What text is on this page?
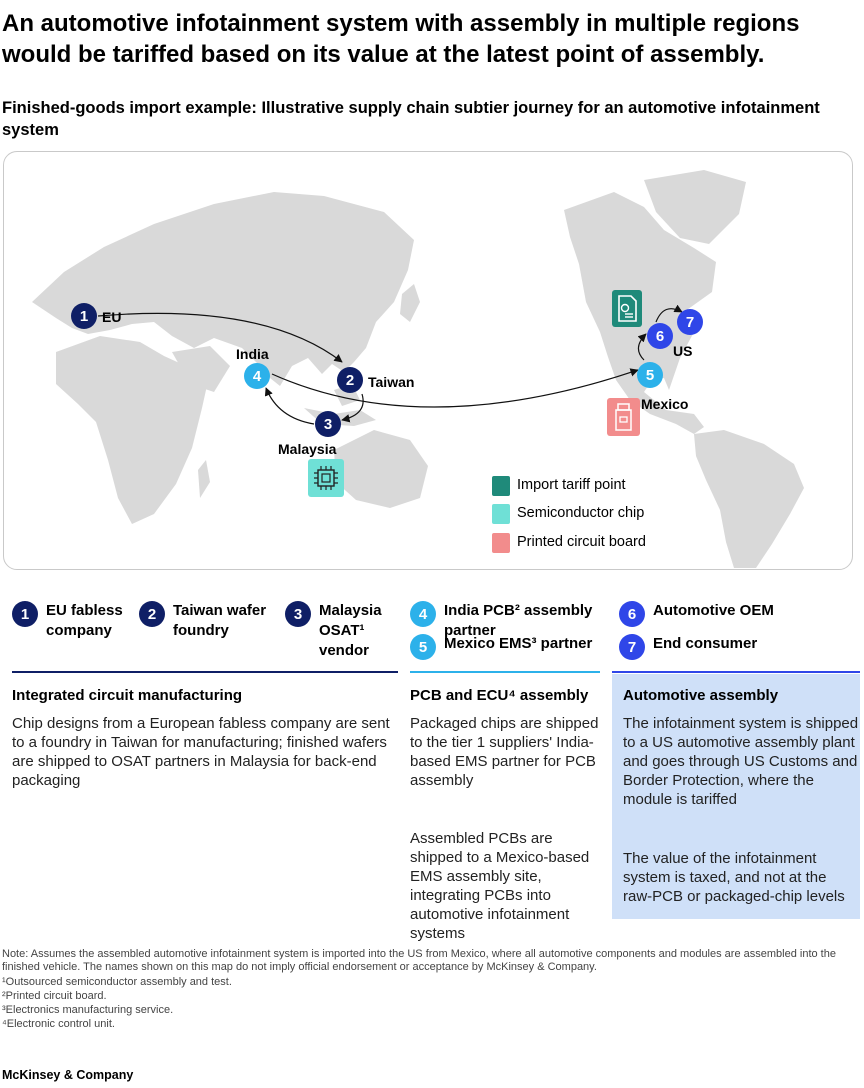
An automotive infotainment system with assembly in multiple regions would be tariffed based on its value at the latest point of assembly.
Finished-goods import example: Illustrative supply chain subtier journey for an automotive infotainment system
1 EU
2 Taiwan
3
Malaysia
4
India
5
Mexico
6
US
7
Import tariff point
Semiconductor chip
Printed circuit board
1	EU fabless company
2	Taiwan wafer foundry
3	Malaysia OSAT¹ vendor
Integrated circuit manufacturing
Chip designs from a European fabless company are sent to a foundry in Taiwan for manufacturing; finished wafers are shipped to OSAT partners in Malaysia for back-end packaging
4	India PCB² assembly partner
5	Mexico EMS³ partner
PCB and ECU⁴ assembly
Packaged chips are shipped to the tier 1 suppliers' India-based EMS partner for PCB assembly
Assembled PCBs are shipped to a Mexico-based EMS assembly site, integrating PCBs into automotive infotainment systems
6	Automotive OEM
7	End consumer
Automotive assembly
The infotainment system is shipped to a US automotive assembly plant and goes through US Customs and Border Protection, where the module is tariffed
The value of the infotainment system is taxed, and not at the raw-PCB or packaged-chip levels
Note: Assumes the assembled automotive infotainment system is imported into the US from Mexico, where all automotive components and modules are assembled into the finished vehicle. The names shown on this map do not imply official endorsement or acceptance by McKinsey & Company.
¹Outsourced semiconductor assembly and test.
²Printed circuit board.
³Electronics manufacturing service.
⁴Electronic control unit.
McKinsey & Company
